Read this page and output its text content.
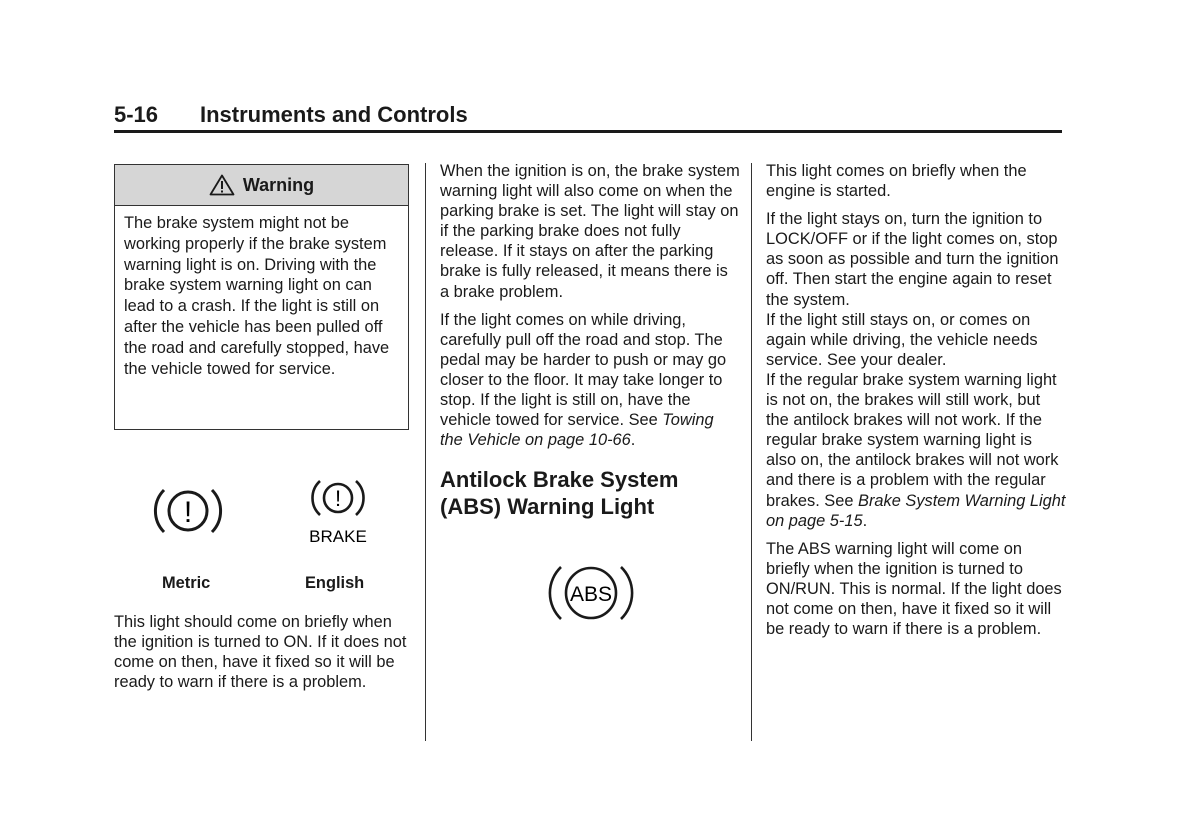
5-16 Instruments and Controls
Warning
The brake system might not be working properly if the brake system warning light is on. Driving with the brake system warning light on can lead to a crash. If the light is still on after the vehicle has been pulled off the road and carefully stopped, have the vehicle towed for service.
!	!
BRAKE
Metric	English

This light should come on briefly when the ignition is turned to ON. If it does not come on then, have it fixed so it will be ready to warn if there is a problem.

When the ignition is on, the brake system warning light will also come on when the parking brake is set. The light will stay on if the parking brake does not fully release. If it stays on after the parking brake is fully released, it means there is a brake problem.

If the light comes on while driving, carefully pull off the road and stop. The pedal may be harder to push or may go closer to the floor. It may take longer to stop. If the light is still on, have the vehicle towed for service. See Towing the Vehicle on page 10-66.

Antilock Brake System (ABS) Warning Light
ABS

This light comes on briefly when the engine is started.

If the light stays on, turn the ignition to LOCK/OFF or if the light comes on, stop as soon as possible and turn the ignition off. Then start the engine again to reset the system.

If the light still stays on, or comes on again while driving, the vehicle needs service. See your dealer.

If the regular brake system warning light is not on, the brakes will still work, but the antilock brakes will not work. If the regular brake system warning light is also on, the antilock brakes will not work and there is a problem with the regular brakes. See Brake System Warning Light on page 5-15.

The ABS warning light will come on briefly when the ignition is turned to ON/RUN. This is normal. If the light does not come on then, have it fixed so it will be ready to warn if there is a problem.
